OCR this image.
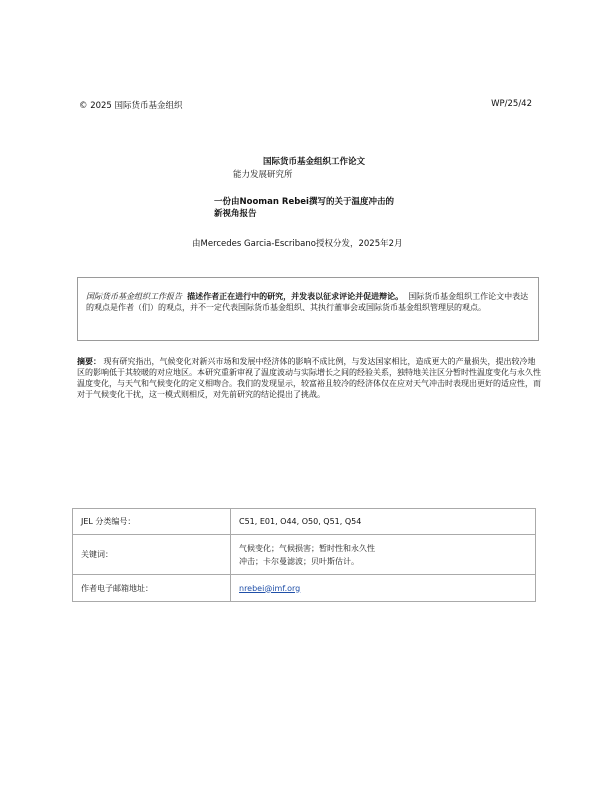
© 2025 国际货币基金组织	WP/25/42
国际货币基金组织工作论文
能力发展研究所
一份由Nooman Rebei撰写的关于温度冲击的
新视角报告
由Mercedes Garcia-Escribano授权分发，2025年2月
国际货币基金组织工作报告 描述作者正在进行中的研究，并发表以征求评论并促进辩论。 国际货币基金组织工作论文中表达的观点是作者（们）的观点，并不一定代表国际货币基金组织、其执行董事会或国际货币基金组织管理层的观点。
摘要： 现有研究指出，气候变化对新兴市场和发展中经济体的影响不成比例，与发达国家相比，造成更大的产量损失，提出较冷地区的影响低于其较暖的对应地区。本研究重新审视了温度波动与实际增长之间的经验关系，独特地关注区分暂时性温度变化与永久性温度变化，与天气和气候变化的定义相吻合。我们的发现显示，较富裕且较冷的经济体仅在应对天气冲击时表现出更好的适应性，而对于气候变化干扰，这一模式则相反，对先前研究的结论提出了挑战。
JEL 分类编号：	C51, E01, O44, O50, Q51, Q54
关键词：	气候变化；气候损害；暂时性和永久性
冲击；卡尔曼滤波；贝叶斯估计。

作者电子邮箱地址：	nrebei@imf.org
